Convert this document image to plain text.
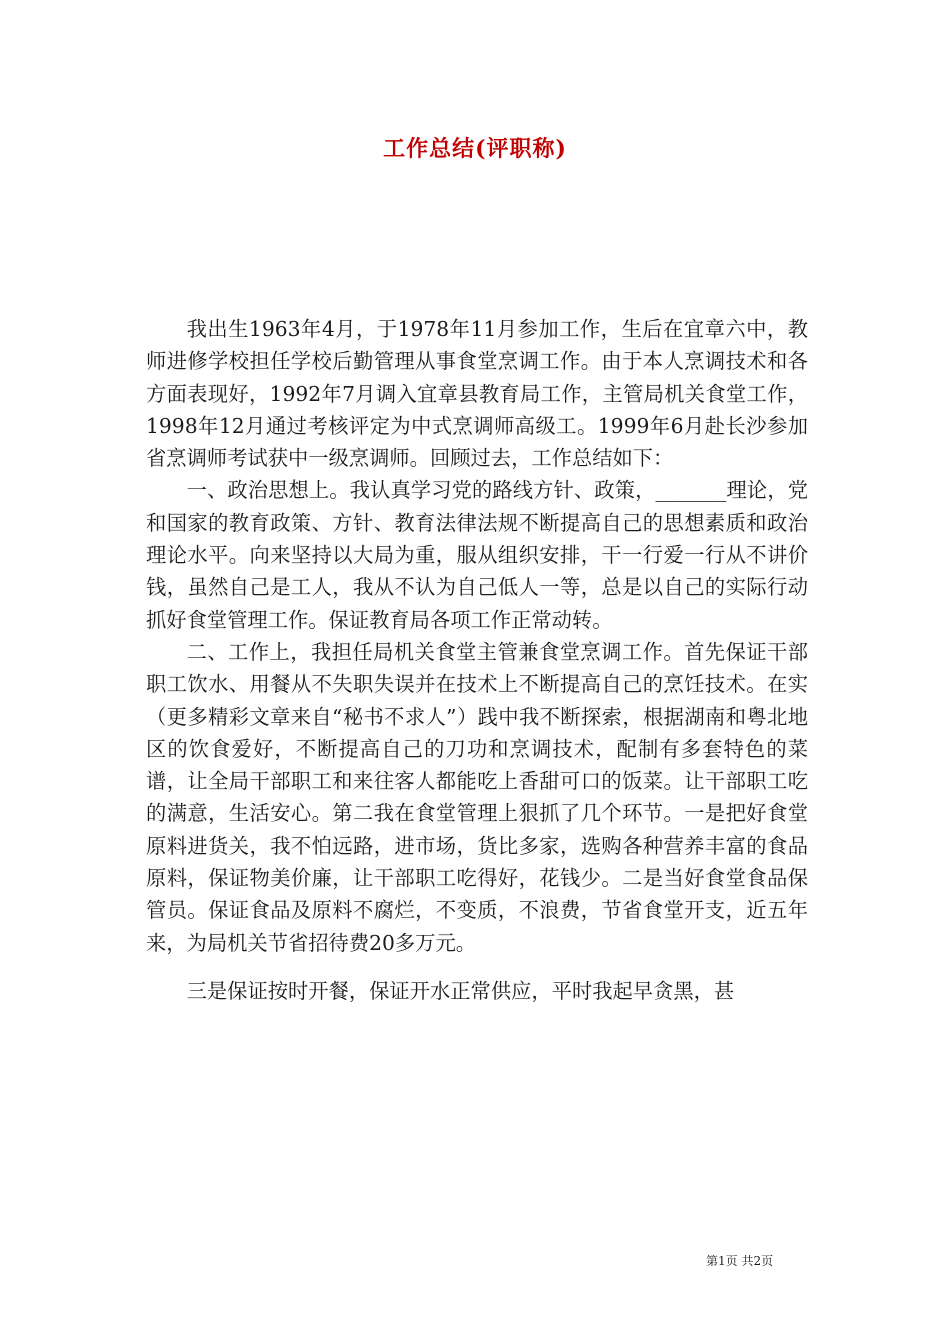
工作总结(评职称)

我出生1963年4月，于1978年11月参加工作，生后在宜章六中，教师进修学校担任学校后勤管理从事食堂烹调工作。由于本人烹调技术和各方面表现好，1992年7月调入宜章县教育局工作，主管局机关食堂工作，1998年12月通过考核评定为中式烹调师高级工。1999年6月赴长沙参加省烹调师考试获中一级烹调师。回顾过去，工作总结如下：

一、政治思想上。我认真学习党的路线方针、政策，_______理论，党和国家的教育政策、方针、教育法律法规不断提高自己的思想素质和政治理论水平。向来坚持以大局为重，服从组织安排，干一行爱一行从不讲价钱，虽然自己是工人，我从不认为自己低人一等，总是以自己的实际行动抓好食堂管理工作。保证教育局各项工作正常动转。

二、工作上，我担任局机关食堂主管兼食堂烹调工作。首先保证干部职工饮水、用餐从不失职失误并在技术上不断提高自己的烹饪技术。在实（更多精彩文章来自“秘书不求人”）践中我不断探索，根据湖南和粤北地区的饮食爱好，不断提高自己的刀功和烹调技术，配制有多套特色的菜谱，让全局干部职工和来往客人都能吃上香甜可口的饭菜。让干部职工吃的满意，生活安心。第二我在食堂管理上狠抓了几个环节。一是把好食堂原料进货关，我不怕远路，进市场，货比多家，选购各种营养丰富的食品原料，保证物美价廉，让干部职工吃得好，花钱少。二是当好食堂食品保管员。保证食品及原料不腐烂，不变质，不浪费，节省食堂开支，近五年来，为局机关节省招待费20多万元。

三是保证按时开餐，保证开水正常供应，平时我起早贪黑，甚

第1页 共2页
